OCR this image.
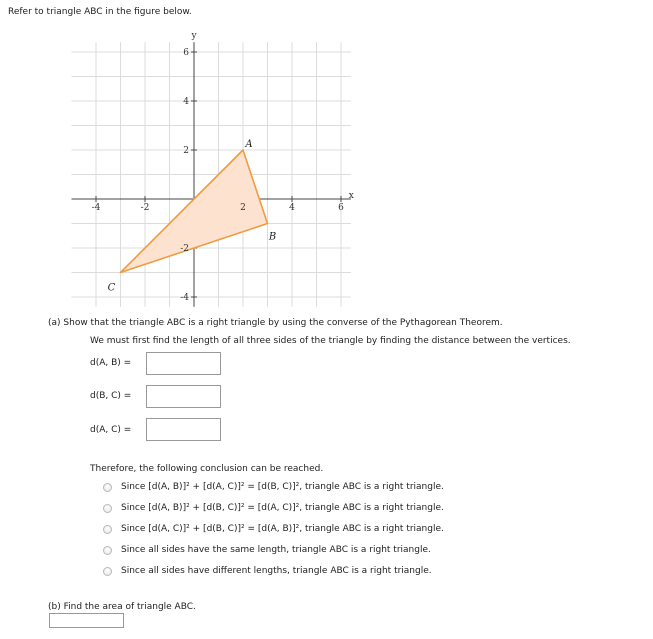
Refer to triangle ABC in the figure below.
-4	-2	2	4	6
6
4
2
-2
-4
x
y
A
B
C
(a) Show that the triangle ABC is a right triangle by using the converse of the Pythagorean Theorem.
We must first find the length of all three sides of the triangle by finding the distance between the vertices.
d(A, B) =
d(B, C) =
d(A, C) =
Therefore, the following conclusion can be reached.
Since [d(A, B)]² + [d(A, C)]² = [d(B, C)]², triangle ABC is a right triangle.
Since [d(A, B)]² + [d(B, C)]² = [d(A, C)]², triangle ABC is a right triangle.
Since [d(A, C)]² + [d(B, C)]² = [d(A, B)]², triangle ABC is a right triangle.
Since all sides have the same length, triangle ABC is a right triangle.
Since all sides have different lengths, triangle ABC is a right triangle.
(b) Find the area of triangle ABC.
